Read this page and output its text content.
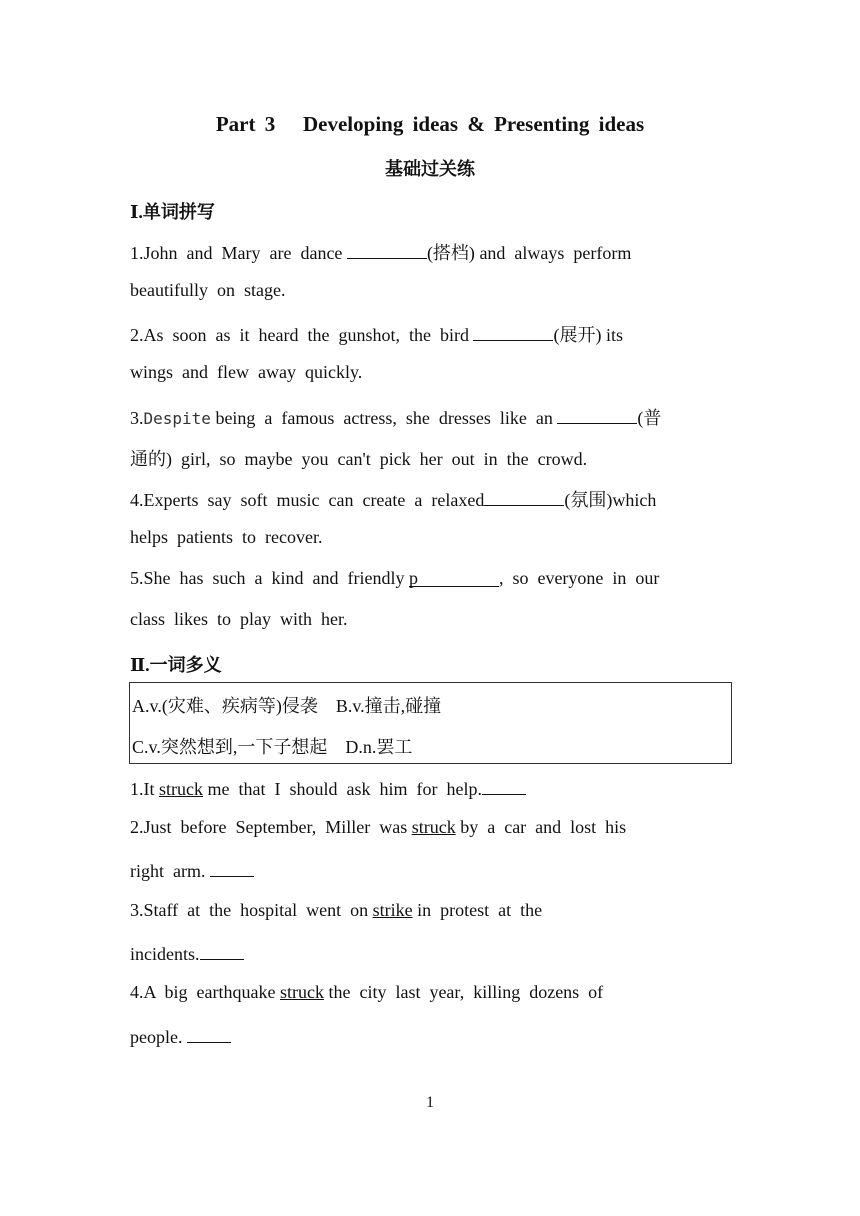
Part 3   Developing ideas & Presenting ideas
基础过关练
Ⅰ.单词拼写
1.John  and  Mary  are  dance	(搭档) and  always  perform
beautifully  on  stage.
2.As  soon  as  it  heard  the  gunshot,  the  bird	(展开) its
wings  and  flew  away  quickly.
3.Despite being  a  famous  actress,  she  dresses  like  an	(普
通的)  girl,  so  maybe  you  can't  pick  her  out  in  the  crowd.
4.Experts  say  soft  music  can  create  a  relaxed	(氛围)which
helps  patients  to  recover.
5.She  has  such  a  kind  and  friendly p	,  so  everyone  in  our
class  likes  to  play  with  her.
Ⅱ.一词多义
A.v.(灾难、疾病等)侵袭　B.v.撞击,碰撞
C.v.突然想到,一下子想起　D.n.罢工
1.It struck me  that  I  should  ask  him  for  help.
2.Just  before  September,  Miller  was struck by  a  car  and  lost  his
right  arm.
3.Staff  at  the  hospital  went  on strike in  protest  at  the
incidents.
4.A  big  earthquake struck the  city  last  year,  killing  dozens  of
people.
1
